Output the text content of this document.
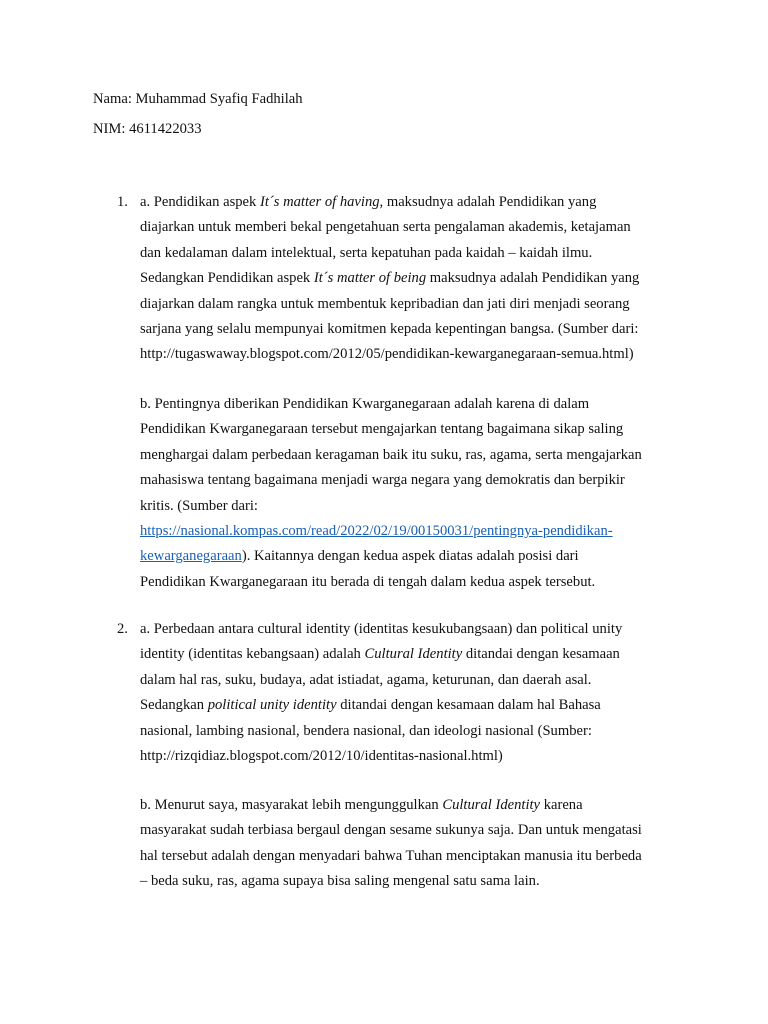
Nama: Muhammad Syafiq Fadhilah

NIM: 4611422033

1. a. Pendidikan aspek It´s matter of having, maksudnya adalah Pendidikan yang
diajarkan untuk memberi bekal pengetahuan serta pengalaman akademis, ketajaman
dan kedalaman dalam intelektual, serta kepatuhan pada kaidah – kaidah ilmu.
Sedangkan Pendidikan aspek It´s matter of being maksudnya adalah Pendidikan yang
diajarkan dalam rangka untuk membentuk kepribadian dan jati diri menjadi seorang
sarjana yang selalu mempunyai komitmen kepada kepentingan bangsa. (Sumber dari:
http://tugaswaway.blogspot.com/2012/05/pendidikan-kewarganegaraan-semua.html)

b. Pentingnya diberikan Pendidikan Kwarganegaraan adalah karena di dalam
Pendidikan Kwarganegaraan tersebut mengajarkan tentang bagaimana sikap saling
menghargai dalam perbedaan keragaman baik itu suku, ras, agama, serta mengajarkan
mahasiswa tentang bagaimana menjadi warga negara yang demokratis dan berpikir
kritis. (Sumber dari:
https://nasional.kompas.com/read/2022/02/19/00150031/pentingnya-pendidikan-
kewarganegaraan). Kaitannya dengan kedua aspek diatas adalah posisi dari
Pendidikan Kwarganegaraan itu berada di tengah dalam kedua aspek tersebut.

2. a. Perbedaan antara cultural identity (identitas kesukubangsaan) dan political unity
identity (identitas kebangsaan) adalah Cultural Identity ditandai dengan kesamaan
dalam hal ras, suku, budaya, adat istiadat, agama, keturunan, dan daerah asal.
Sedangkan political unity identity ditandai dengan kesamaan dalam hal Bahasa
nasional, lambing nasional, bendera nasional, dan ideologi nasional (Sumber:
http://rizqidiaz.blogspot.com/2012/10/identitas-nasional.html)

b. Menurut saya, masyarakat lebih mengunggulkan Cultural Identity karena
masyarakat sudah terbiasa bergaul dengan sesame sukunya saja. Dan untuk mengatasi
hal tersebut adalah dengan menyadari bahwa Tuhan menciptakan manusia itu berbeda
– beda suku, ras, agama supaya bisa saling mengenal satu sama lain.
